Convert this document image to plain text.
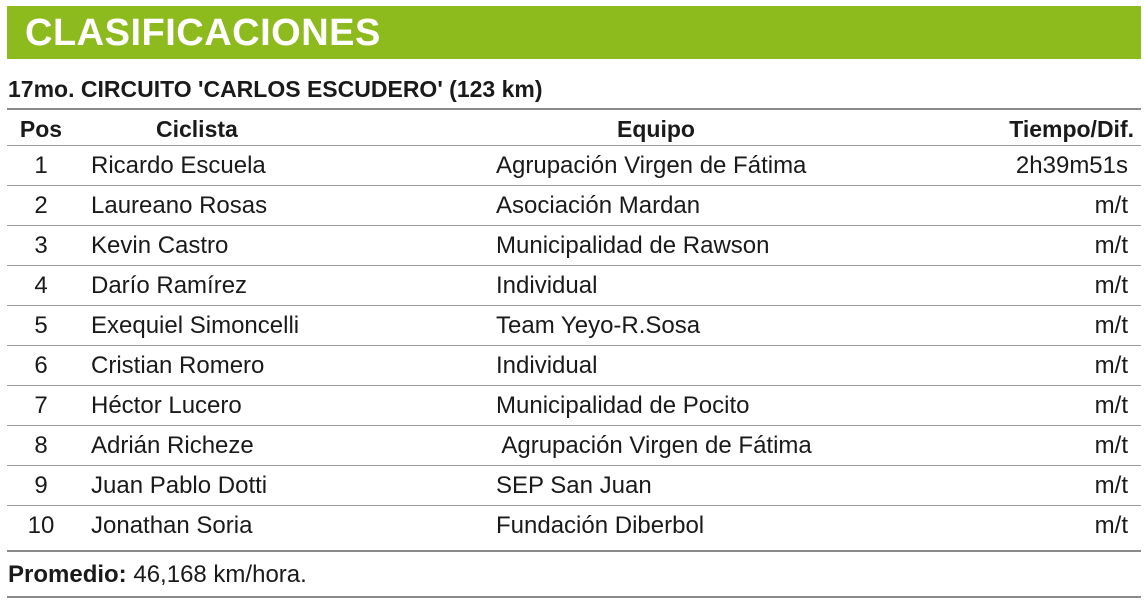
CLASIFICACIONES
17mo. CIRCUITO 'CARLOS ESCUDERO' (123 km)
Pos	Ciclista	Equipo	Tiempo/Dif.
1	Ricardo Escuela	Agrupación Virgen de Fátima	2h39m51s
2	Laureano Rosas	Asociación Mardan	m/t
3	Kevin Castro	Municipalidad de Rawson	m/t
4	Darío Ramírez	Individual	m/t
5	Exequiel Simoncelli	Team Yeyo-R.Sosa	m/t
6	Cristian Romero	Individual	m/t
7	Héctor Lucero	Municipalidad de Pocito	m/t
8	Adrián Richeze	Agrupación Virgen de Fátima	m/t
9	Juan Pablo Dotti	SEP San Juan	m/t
10	Jonathan Soria	Fundación Diberbol	m/t
Promedio: 46,168 km/hora.
